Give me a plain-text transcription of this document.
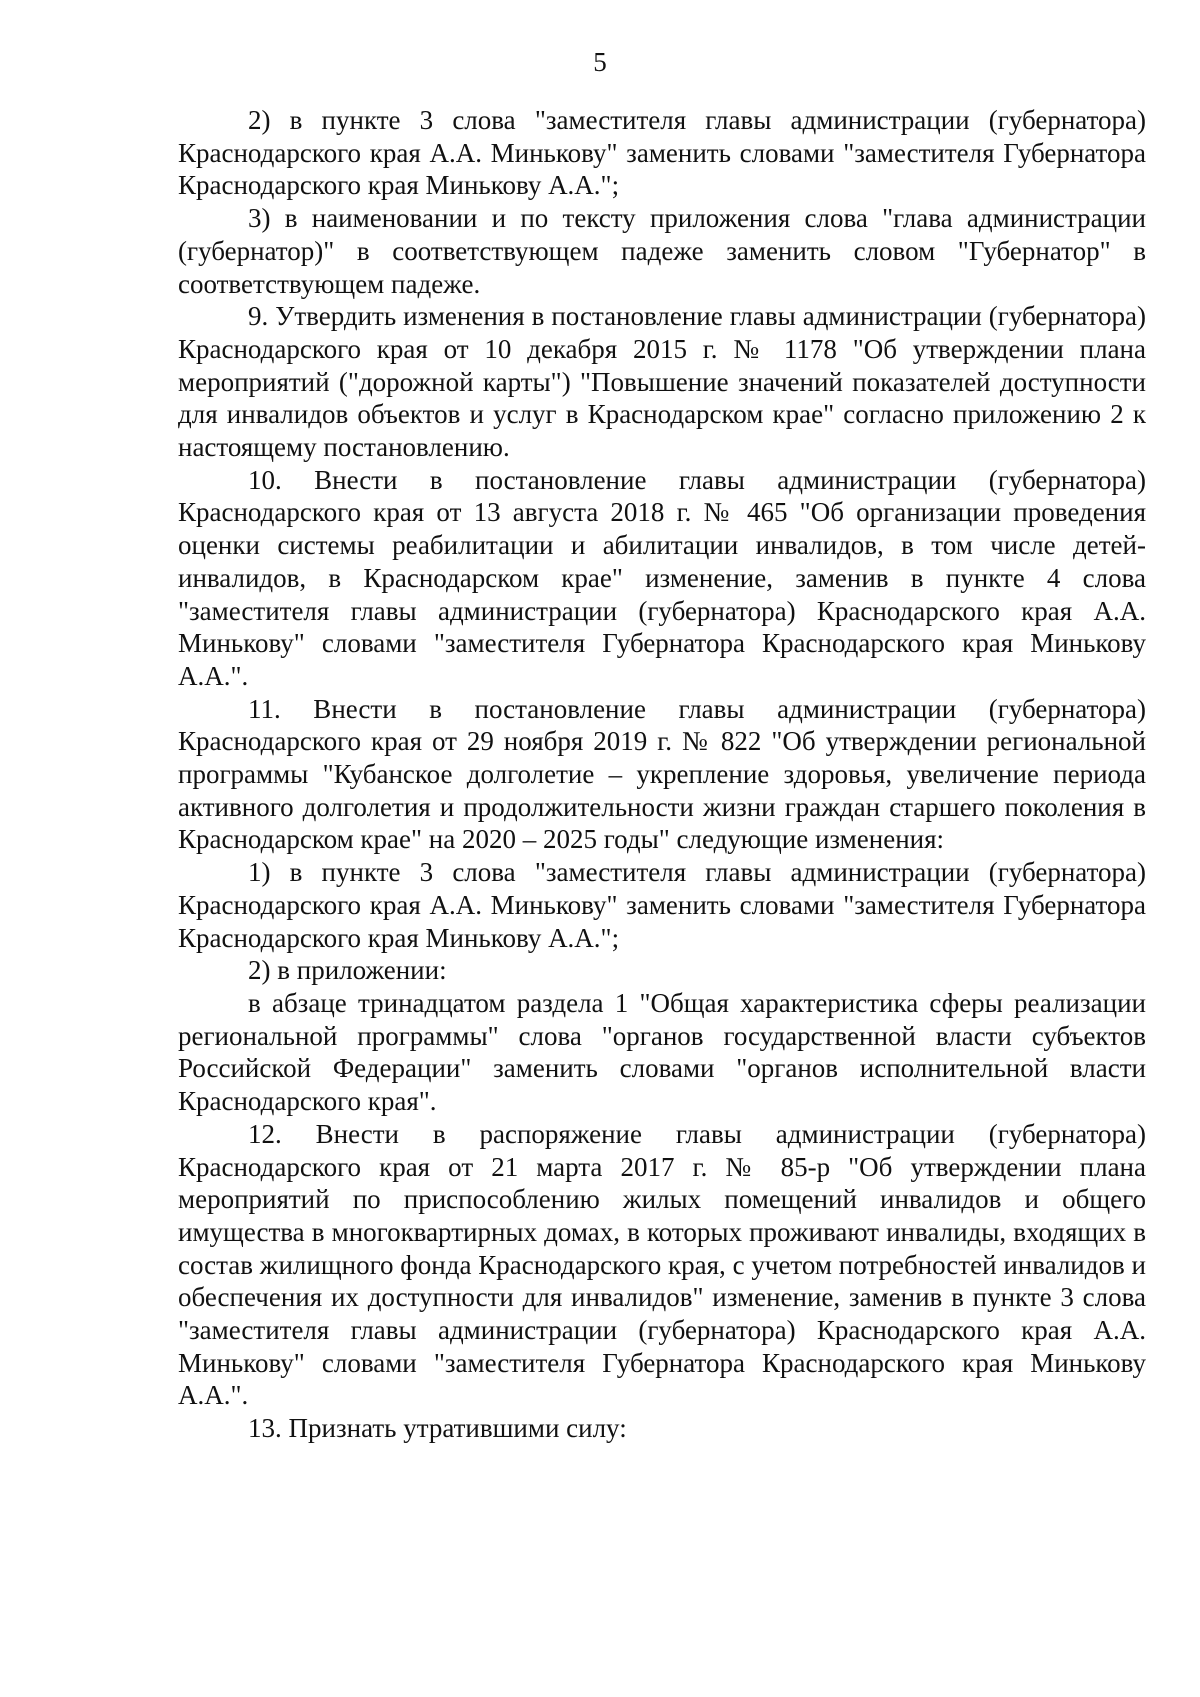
5

2) в пункте 3 слова "заместителя главы администрации (губернатора) Краснодарского края А.А. Минькову" заменить словами "заместителя Губернатора Краснодарского края Минькову А.А.";

3) в наименовании и по тексту приложения слова "глава администрации (губернатор)" в соответствующем падеже заменить словом "Губернатор" в соответствующем падеже.

9. Утвердить изменения в постановление главы администрации (губернатора) Краснодарского края от 10 декабря 2015 г. № 1178 "Об утверждении плана мероприятий ("дорожной карты") "Повышение значений показателей доступности для инвалидов объектов и услуг в Краснодарском крае" согласно приложению 2 к настоящему постановлению.

10. Внести в постановление главы администрации (губернатора) Краснодарского края от 13 августа 2018 г. № 465 "Об организации проведения оценки системы реабилитации и абилитации инвалидов, в том числе детей-инвалидов, в Краснодарском крае" изменение, заменив в пункте 4 слова "заместителя главы администрации (губернатора) Краснодарского края А.А. Минькову" словами "заместителя Губернатора Краснодарского края Минькову А.А.".

11. Внести в постановление главы администрации (губернатора) Краснодарского края от 29 ноября 2019 г. № 822 "Об утверждении региональной программы "Кубанское долголетие – укрепление здоровья, увеличение периода активного долголетия и продолжительности жизни граждан старшего поколения в Краснодарском крае" на 2020 – 2025 годы" следующие изменения:

1) в пункте 3 слова "заместителя главы администрации (губернатора) Краснодарского края А.А. Минькову" заменить словами "заместителя Губернатора Краснодарского края Минькову А.А.";

2) в приложении:

в абзаце тринадцатом раздела 1 "Общая характеристика сферы реализации региональной программы" слова "органов государственной власти субъектов Российской Федерации" заменить словами "органов исполнительной власти Краснодарского края".

12. Внести в распоряжение главы администрации (губернатора) Краснодарского края от 21 марта 2017 г. № 85-р "Об утверждении плана мероприятий по приспособлению жилых помещений инвалидов и общего имущества в многоквартирных домах, в которых проживают инвалиды, входящих в состав жилищного фонда Краснодарского края, с учетом потребностей инвалидов и обеспечения их доступности для инвалидов" изменение, заменив в пункте 3 слова "заместителя главы администрации (губернатора) Краснодарского края А.А. Минькову" словами "заместителя Губернатора Краснодарского края Минькову А.А.".

13. Признать утратившими силу:
